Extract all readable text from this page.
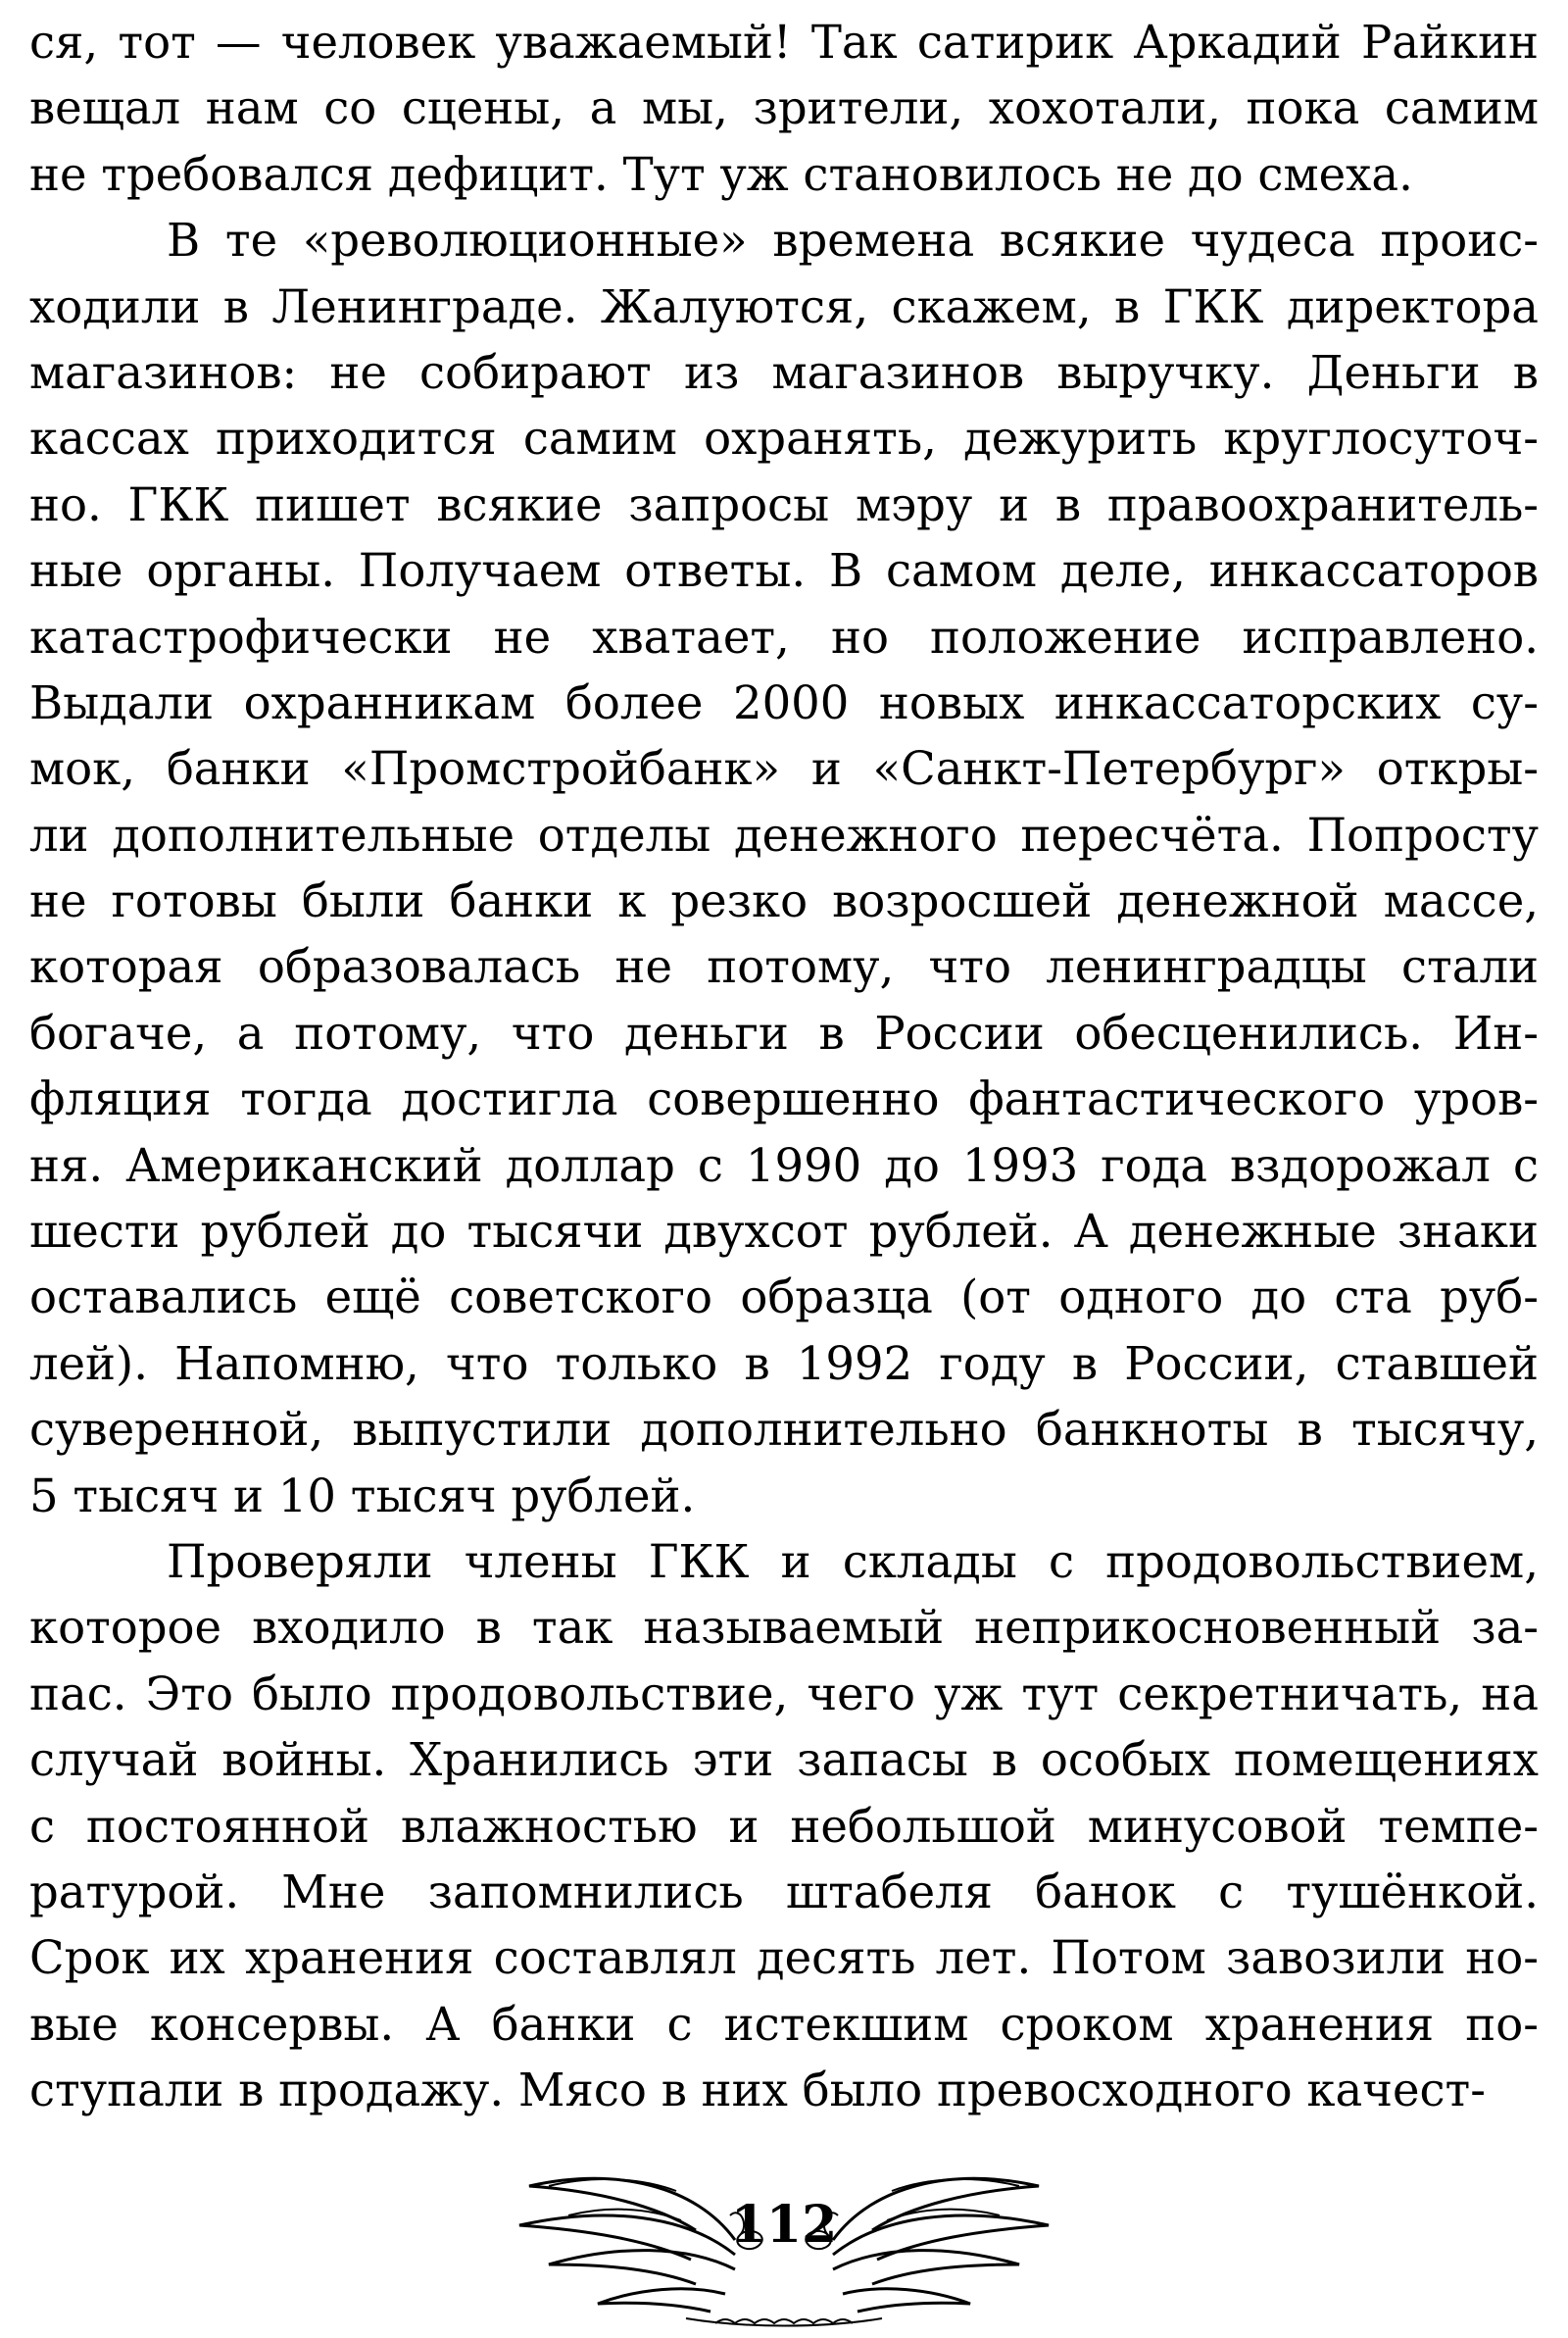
ся, тот — человек уважаемый! Так сатирик Аркадий Райкин
вещал нам со сцены, а мы, зрители, хохотали, пока самим
не требовался дефицит. Тут уж становилось не до смеха.
В те «революционные» времена всякие чудеса проис-
ходили в Ленинграде. Жалуются, скажем, в ГКК директора
магазинов: не собирают из магазинов выручку. Деньги в
кассах приходится самим охранять, дежурить круглосуточ-
но. ГКК пишет всякие запросы мэру и в правоохранитель-
ные органы. Получаем ответы. В самом деле, инкассаторов
катастрофически не хватает, но положение исправлено.
Выдали охранникам более 2000 новых инкассаторских су-
мок, банки «Промстройбанк» и «Санкт-Петербург» откры-
ли дополнительные отделы денежного пересчёта. Попросту
не готовы были банки к резко возросшей денежной массе,
которая образовалась не потому, что ленинградцы стали
богаче, а потому, что деньги в России обесценились. Ин-
фляция тогда достигла совершенно фантастического уров-
ня. Американский доллар с 1990 до 1993 года вздорожал с
шести рублей до тысячи двухсот рублей. А денежные знаки
оставались ещё советского образца (от одного до ста руб-
лей). Напомню, что только в 1992 году в России, ставшей
суверенной, выпустили дополнительно банкноты в тысячу,
5 тысяч и 10 тысяч рублей.
Проверяли члены ГКК и склады с продовольствием,
которое входило в так называемый неприкосновенный за-
пас. Это было продовольствие, чего уж тут секретничать, на
случай войны. Хранились эти запасы в особых помещениях
с постоянной влажностью и небольшой минусовой темпе-
ратурой. Мне запомнились штабеля банок с тушёнкой.
Срок их хранения составлял десять лет. Потом завозили но-
вые консервы. А банки с истекшим сроком хранения по-
ступали в продажу. Мясо в них было превосходного качест-
112
